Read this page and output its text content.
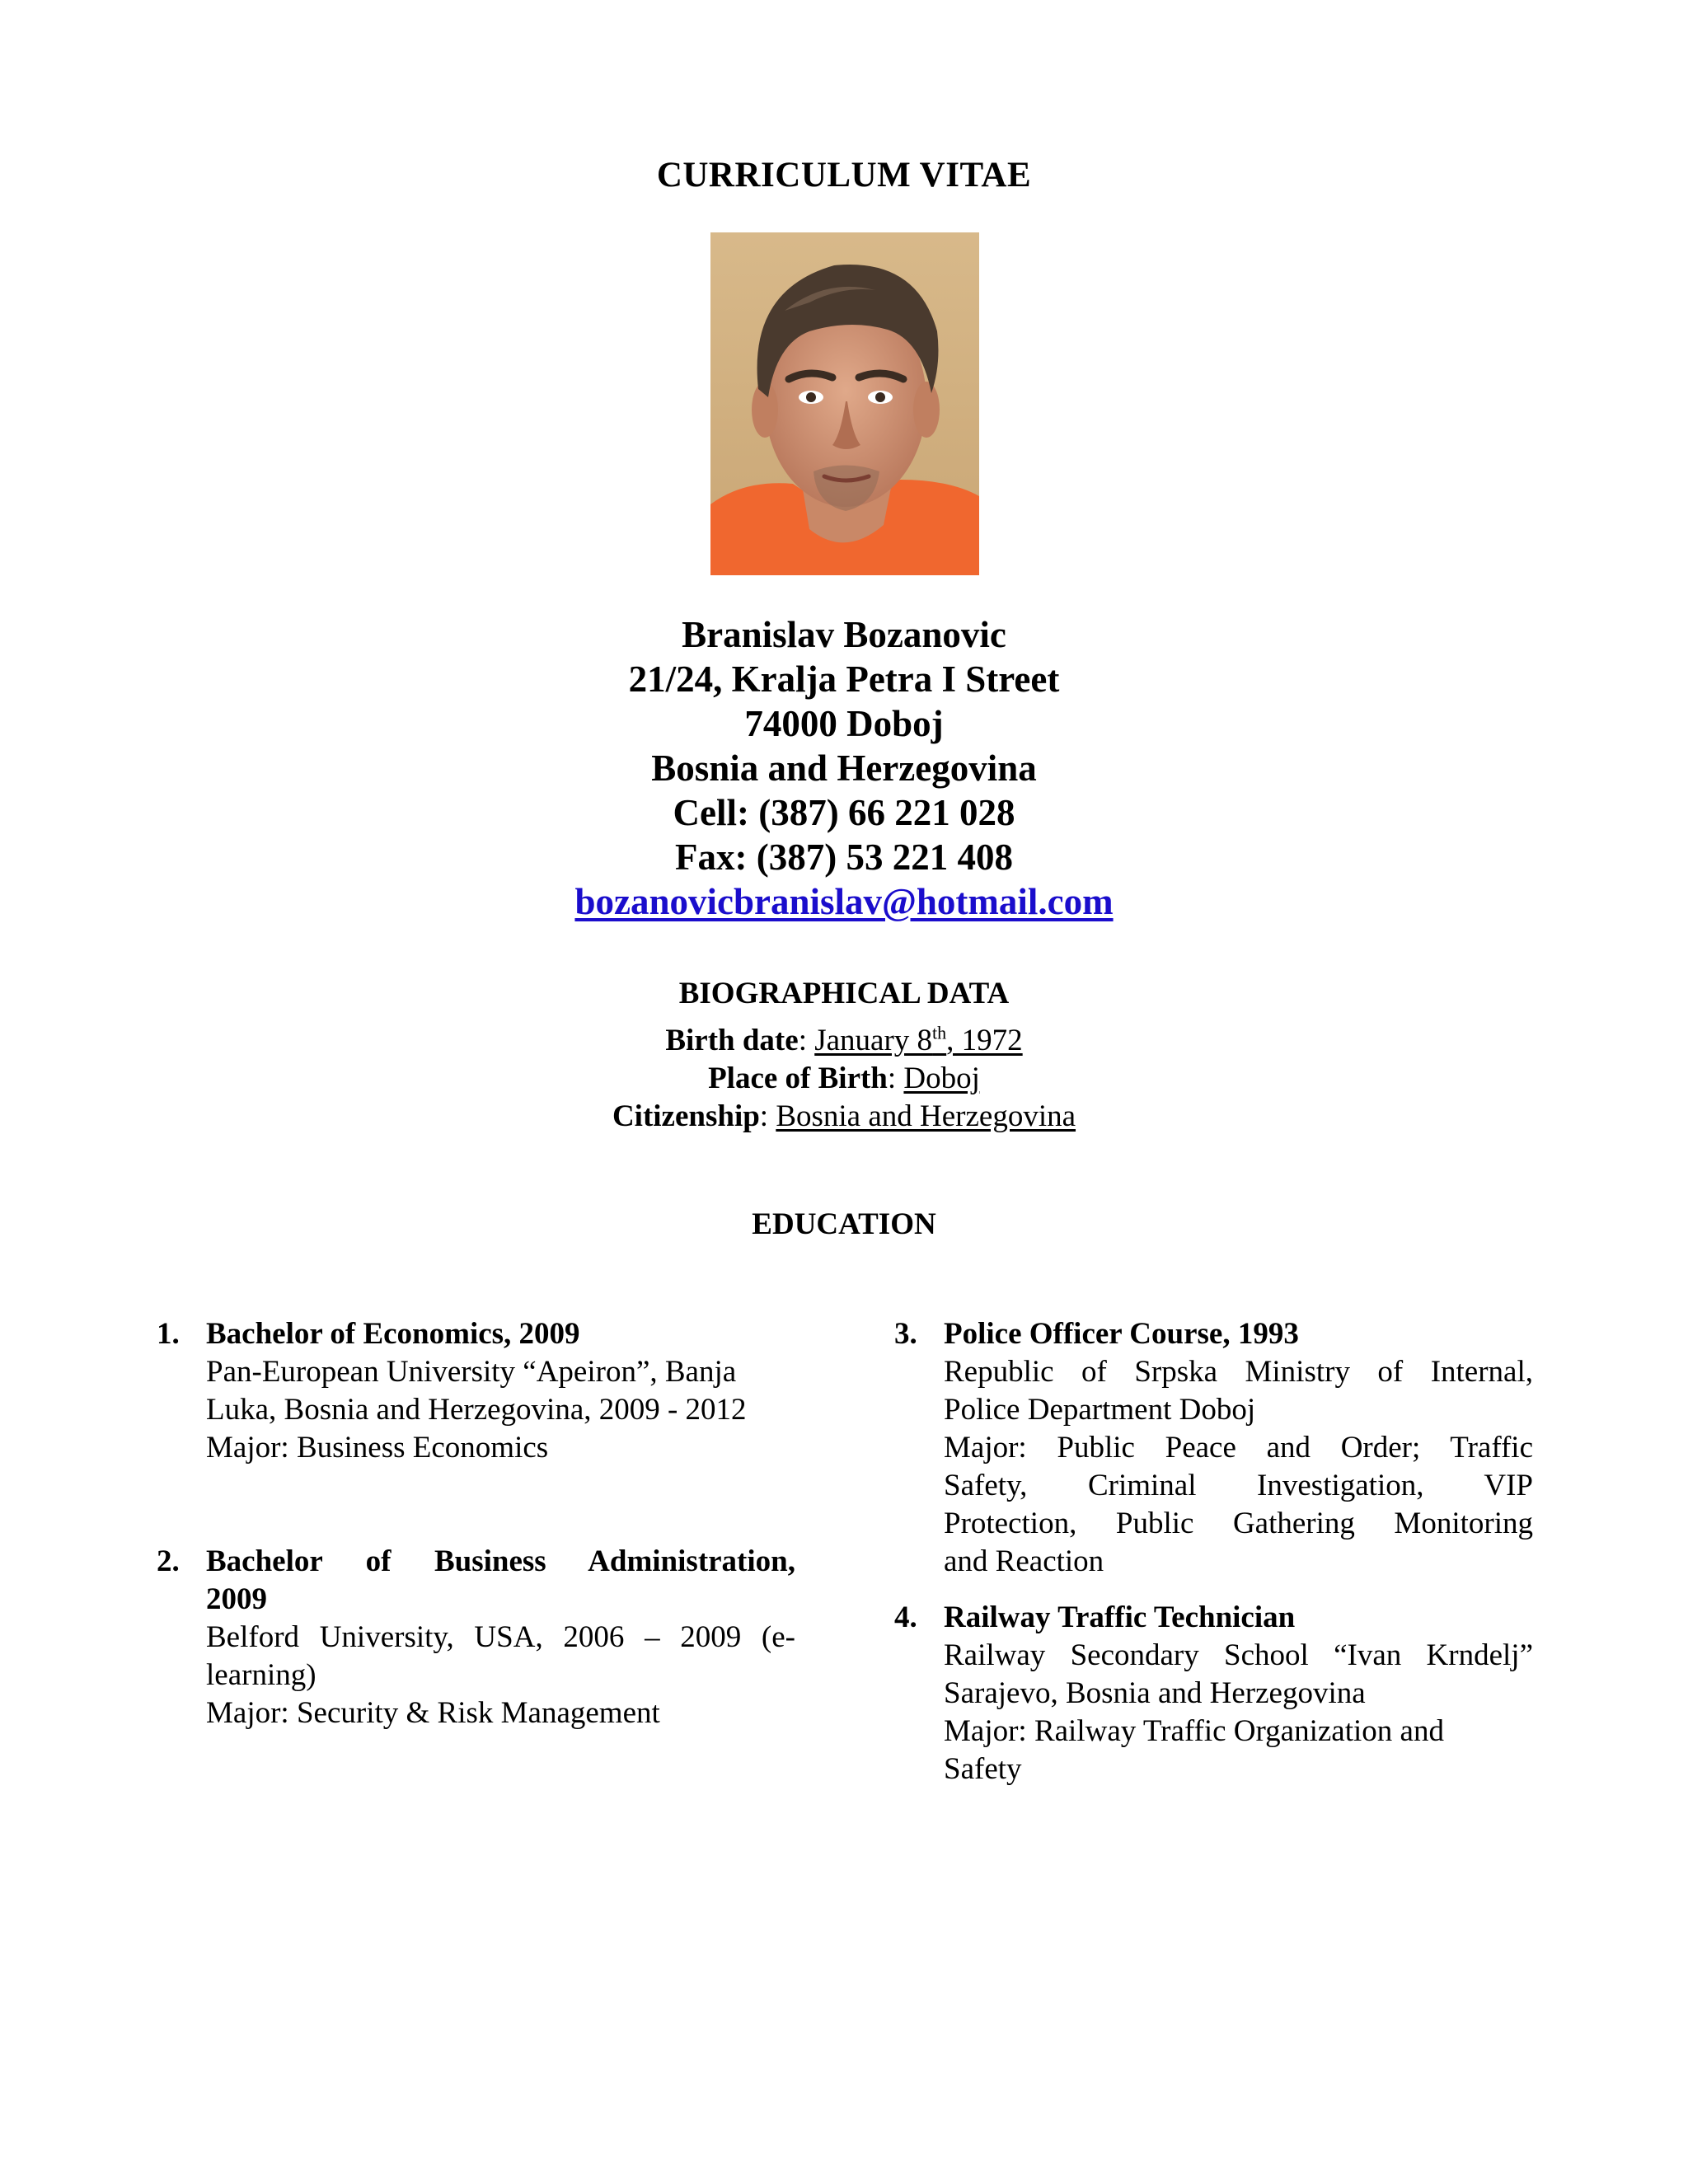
CURRICULUM VITAE
Branislav Bozanovic
21/24, Kralja Petra I Street
74000 Doboj
Bosnia and Herzegovina
Cell: (387) 66 221 028
Fax: (387) 53 221 408
bozanovicbranislav@hotmail.com
BIOGRAPHICAL DATA
Birth date: January 8th, 1972
Place of Birth: Doboj
Citizenship: Bosnia and Herzegovina
EDUCATION
1. Bachelor of Economics, 2009
Pan-European University “Apeiron”, Banja
Luka, Bosnia and Herzegovina, 2009 - 2012
Major: Business Economics
2. Bachelor of Business Administration,
2009
Belford University, USA, 2006 – 2009 (e-
learning)
Major: Security & Risk Management
3. Police Officer Course, 1993
Republic of Srpska Ministry of Internal,
Police Department Doboj
Major: Public Peace and Order; Traffic
Safety, Criminal Investigation, VIP
Protection, Public Gathering Monitoring
and Reaction
4. Railway Traffic Technician
Railway Secondary School “Ivan Krndelj”
Sarajevo, Bosnia and Herzegovina
Major: Railway Traffic Organization and
Safety
